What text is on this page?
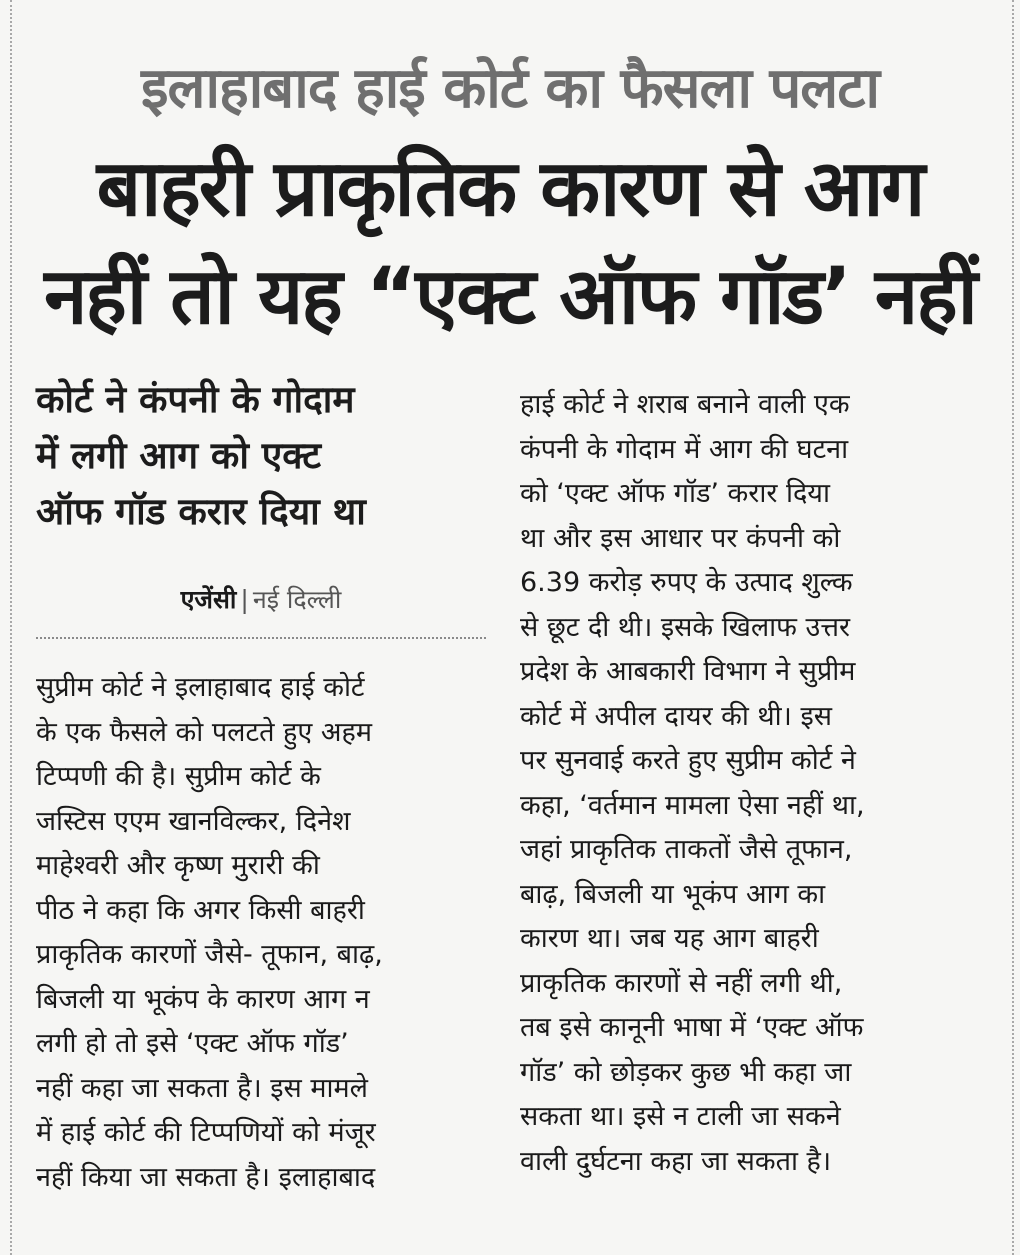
इलाहाबाद हाई कोर्ट का फैसला पलटा
बाहरी प्राकृतिक कारण से आग
नहीं तो यह “एक्ट ऑफ गॉड’ नहीं
कोर्ट ने कंपनी के गोदाम
में लगी आग को एक्ट
ऑफ गॉड करार दिया था
एजेंसी | नई दिल्ली
सुप्रीम कोर्ट ने इलाहाबाद हाई कोर्ट
के एक फैसले को पलटते हुए अहम
टिप्पणी की है। सुप्रीम कोर्ट के
जस्टिस एएम खानविल्कर, दिनेश
माहेश्वरी और कृष्ण मुरारी की
पीठ ने कहा कि अगर किसी बाहरी
प्राकृतिक कारणों जैसे- तूफान, बाढ़,
बिजली या भूकंप के कारण आग न
लगी हो तो इसे ‘एक्ट ऑफ गॉड’
नहीं कहा जा सकता है। इस मामले
में हाई कोर्ट की टिप्पणियों को मंजूर
नहीं किया जा सकता है। इलाहाबाद
हाई कोर्ट ने शराब बनाने वाली एक
कंपनी के गोदाम में आग की घटना
को ‘एक्ट ऑफ गॉड’ करार दिया
था और इस आधार पर कंपनी को
6.39 करोड़ रुपए के उत्पाद शुल्क
से छूट दी थी। इसके खिलाफ उत्तर
प्रदेश के आबकारी विभाग ने सुप्रीम
कोर्ट में अपील दायर की थी। इस
पर सुनवाई करते हुए सुप्रीम कोर्ट ने
कहा, ‘वर्तमान मामला ऐसा नहीं था,
जहां प्राकृतिक ताकतों जैसे तूफान,
बाढ़, बिजली या भूकंप आग का
कारण था। जब यह आग बाहरी
प्राकृतिक कारणों से नहीं लगी थी,
तब इसे कानूनी भाषा में ‘एक्ट ऑफ
गॉड’ को छोड़कर कुछ भी कहा जा
सकता था। इसे न टाली जा सकने
वाली दुर्घटना कहा जा सकता है।
